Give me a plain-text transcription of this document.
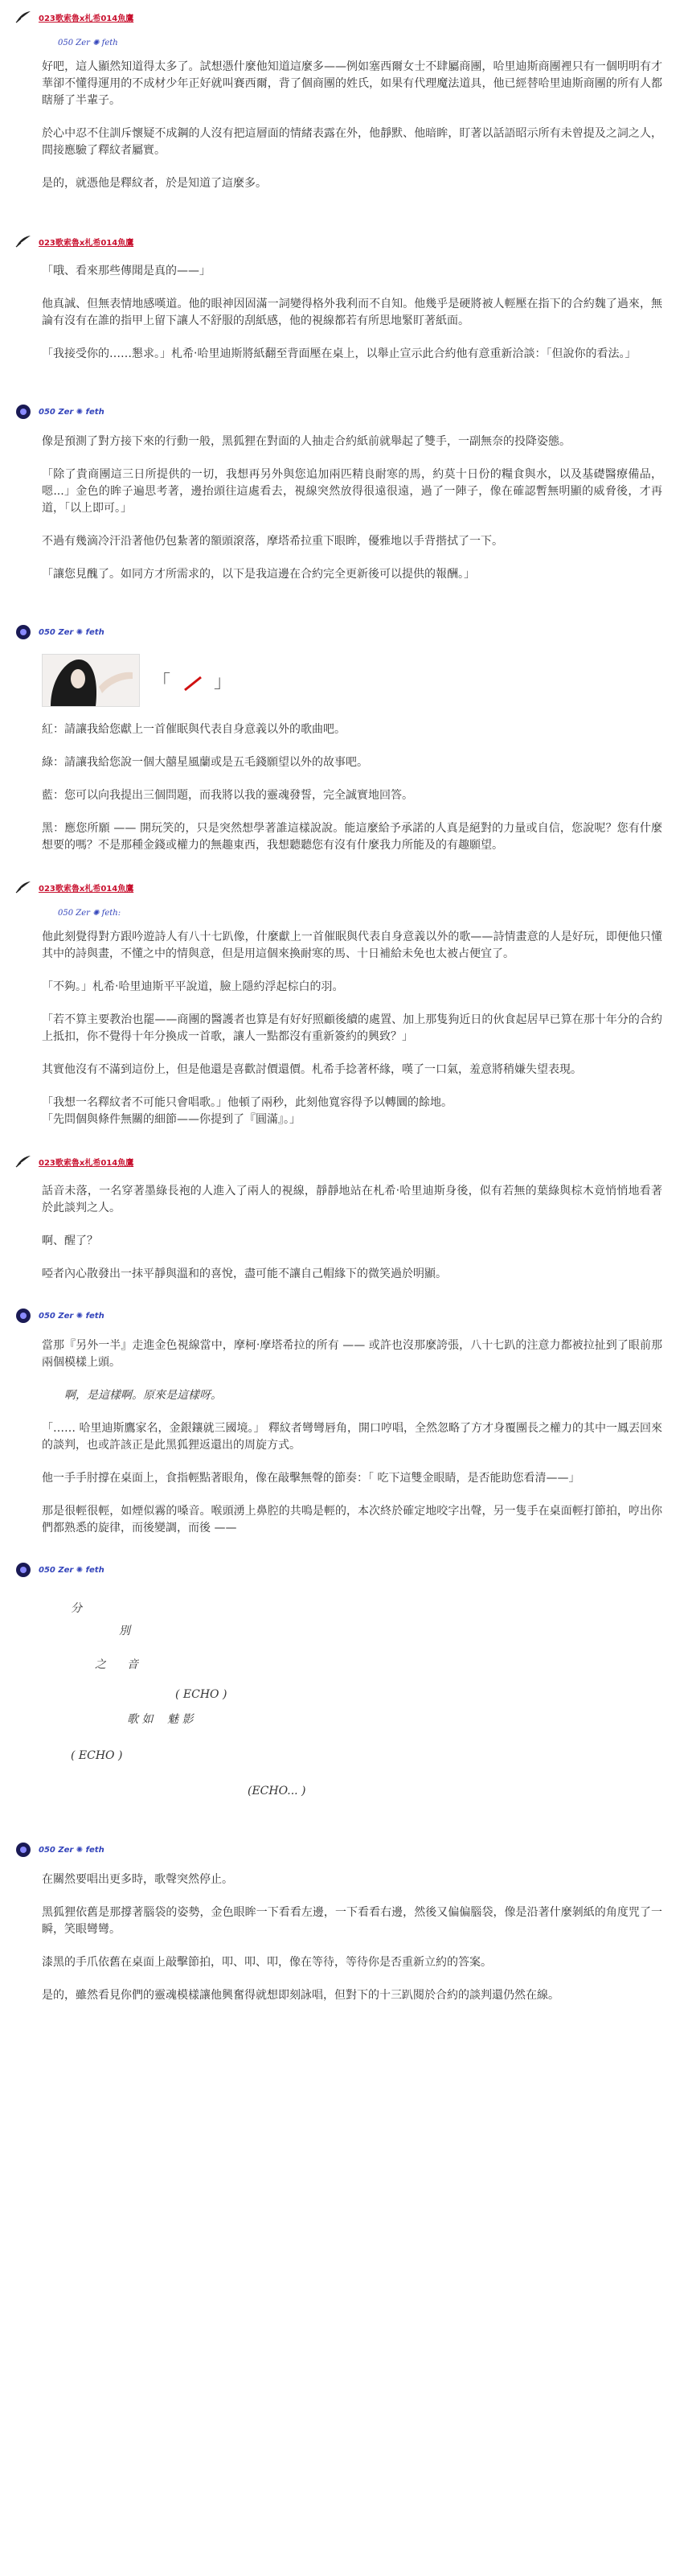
023歌索魯x札希014魚鷹
050 Zer ✺ feth

好吧，這人顯然知道得太多了。試想憑什麼他知道這麼多——例如塞西爾女士不肆屬商團，哈里迪斯商團裡只有一個明明有才華卻不懂得運用的不成材少年正好就叫賽西爾，背了個商團的姓氏，如果有代理魔法道具，他已經替哈里迪斯商團的所有人都瞎掰了半輩子。

於心中忍不住訓斥懷疑不成鋼的人沒有把這層面的情緒表露在外，他靜默、他暗眸，盯著以話語昭示所有未曾提及之詞之人，間接應驗了釋紋者屬實。

是的，就憑他是釋紋者，於是知道了這麼多。

023歌索魯x札希014魚鷹

「哦、看來那些傳聞是真的——」

他真誠、但無表情地感嘆道。他的眼神因固滿一詞變得格外我利而不自知。他幾乎是硬將被人輕壓在指下的合約魏了過來，無論有沒有在誰的指甲上留下讓人不舒服的刮紙感，他的視線都若有所思地緊盯著紙面。

「我接受你的……懇求。」札希‧哈里迪斯將紙翻至背面壓在桌上，以舉止宣示此合約他有意重新洽談：「但說你的看法。」

050 Zer ✺ feth

像是預測了對方接下來的行動一般，黑狐狸在對面的人抽走合約紙前就舉起了雙手，一副無奈的投降姿態。

「除了貴商團這三日所提供的一切，我想再另外與您追加兩匹精良耐寒的馬，約莫十日份的糧食與水，以及基礎醫療備品，嗯...」金色的眸子遍思考著，邊抬頭往這處看去，視線突然放得很遠很遠，過了一陣子，像在確認暫無明顯的威脅後，才再道，「以上即可。」

不過有幾滴冷汗沿著他仍包紮著的額頭滾落，摩塔希拉重下眼眸，優雅地以手背揩拭了一下。

「讓您見醜了。如同方才所需求的，以下是我這邊在合約完全更新後可以提供的報酬。」

050 Zer ✺ feth
「 」

紅：請讓我給您獻上一首催眠與代表自身意義以外的歌曲吧。

綠：請讓我給您說一個大囍星風蘭或是五毛錢願望以外的故事吧。

藍：您可以向我提出三個問題，而我將以我的靈魂發誓，完全誠實地回答。

黑：應您所願 —— 開玩笑的，只是突然想學著誰這樣說說。能這麼給予承諾的人真是絕對的力量或自信，您說呢？您有什麼想要的嗎？不是那種金錢或權力的無趣東西，我想聽聽您有沒有什麼我力所能及的有趣願望。

023歌索魯x札希014魚鷹
050 Zer ✺ feth:

他此刻覺得對方跟吟遊詩人有八十七趴像，什麼獻上一首催眠與代表自身意義以外的歌——詩情畫意的人是好玩，即便他只懂其中的詩與畫，不懂之中的情與意，但是用這個來換耐寒的馬、十日補給未免也太被占便宜了。

「不夠。」札希‧哈里迪斯平平說道，臉上隱約浮起棕白的羽。

「若不算主要教治也罷——商團的醫護者也算是有好好照顧後續的處置、加上那隻狗近日的伙食起居早已算在那十年分的合約上抵扣，你不覺得十年分換成一首歌，讓人一點都沒有重新簽約的興致？」

其實他沒有不滿到這份上，但是他還是喜歡討價還價。札希手捻著杯緣，嘆了一口氣，羞意將稍嫌失望表現。

「我想一名釋紋者不可能只會唱歌。」他頓了兩秒，此刻他寬容得予以轉圜的餘地。
「先問個與條件無關的細節——你提到了『圓滿』。」

023歌索魯x札希014魚鷹

話音未落，一名穿著墨綠長袍的人進入了兩人的視線，靜靜地站在札希‧哈里迪斯身後，似有若無的葉綠與棕木竟悄悄地看著於此談判之人。

啊、醒了？

啞者內心散發出一抹平靜與溫和的喜悅，盡可能不讓自己帽緣下的微笑過於明顯。

050 Zer ✺ feth

當那『另外一半』走進金色視線當中，摩柯‧摩塔希拉的所有 —— 或許也沒那麼誇張，八十七趴的注意力都被拉扯到了眼前那兩個模樣上頭。

啊，是這樣啊。原來是這樣呀。

「…… 哈里迪斯鷹家名，金銀鑲就三國境。」 釋紋者彎彎唇角，開口哼唱，全然忽略了方才身覆團長之權力的其中一鳳丟回來的談判，也或許該正是此黑狐狸返還出的周旋方式。

他一手手肘撐在桌面上，食指輕點著眼角，像在敲擊無聲的節奏：「 吃下這雙金眼睛，是否能助您看清——」

那是很輕很輕，如煙似霧的嗓音。喉頭湧上鼻腔的共鳴是輕的，本次終於確定地咬字出聲，另一隻手在桌面輕打節拍，哼出你們都熟悉的旋律，而後變調，而後 ——

050 Zer ✺ feth
分
別
之 音
( ECHO )
歌 如 魅 影
( ECHO )
(ECHO... )
050 Zer ✺ feth

在關然要唱出更多時，歌聲突然停止。

黑狐狸依舊是那撐著腦袋的姿勢，金色眼眸一下看看左邊，一下看看右邊，然後又偏偏腦袋，像是沿著什麼剝紙的角度咒了一瞬，笑眼彎彎。

漆黑的手爪依舊在桌面上敲擊節拍，叩、叩、叩，像在等待，等待你是否重新立約的答案。

是的，雖然看見你們的靈魂模樣讓他興奮得就想即刻詠唱，但對下的十三趴閱於合約的談判還仍然在線。
